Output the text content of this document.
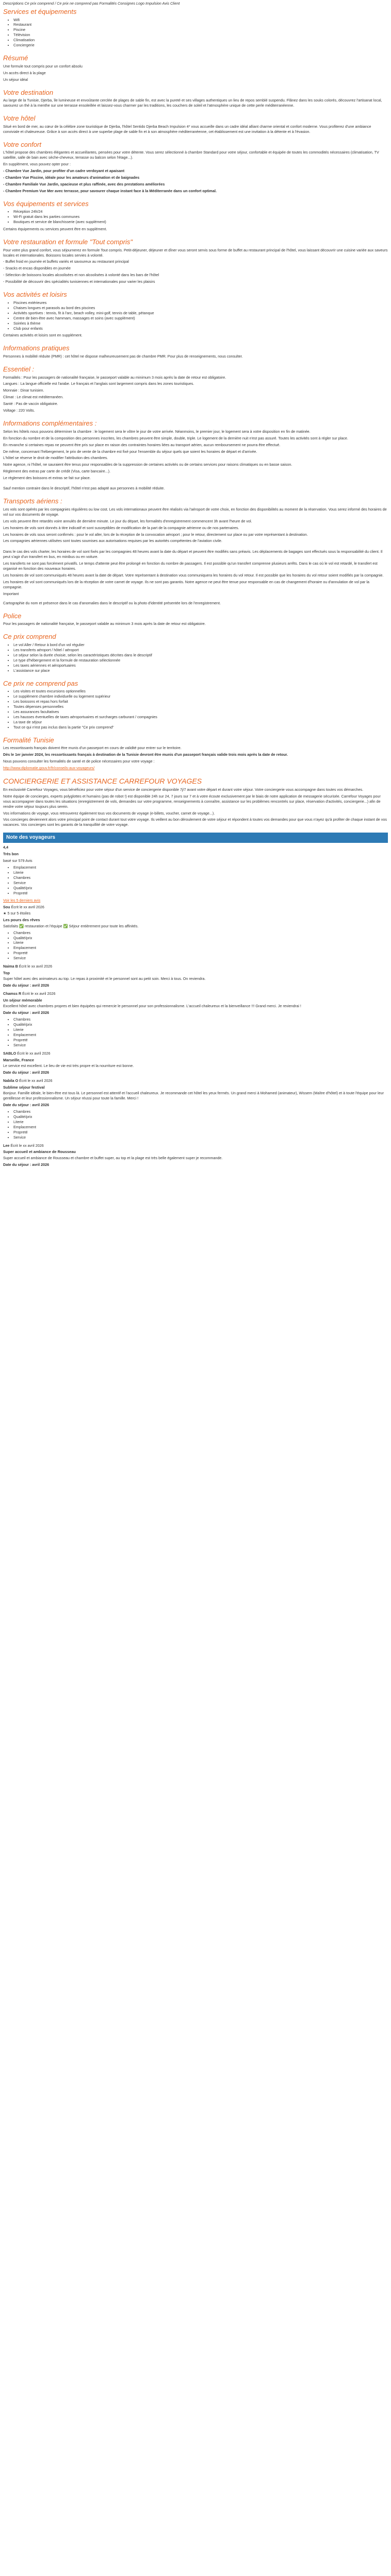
Descriptions Ce prix comprend / Ce prix ne comprend pas Formalités Consignes Logo Impulsion Avis Client

Services et équipements
• Wifi
• Restaurant
• Piscine
• Télévision
• Climatisation
• Conciergerie
Résumé

Une formule tout compris pour un confort absolu

Un accès direct à la plage

Un séjour idéal

Votre destination

Au large de la Tunisie, Djerba, île lumineuse et envoûtante cerclée de plages de sable fin, est avec la pureté et ses villages authentiques un lieu de repos semblé suspendu. Flânez dans les souks colorés, découvrez l'artisanat local, savourez un thé à la menthe sur une terrasse ensoleillée et laissez-vous charmer par les traditions, les couchers de soleil et l'atmosphère unique de cette perle méditerranéenne.

Votre hôtel

Situé en bord de mer, au cœur de la célèbre zone touristique de Djerba, l'hôtel Sentido Djerba Beach Impulsion 4* vous accueille dans un cadre idéal alliant charme oriental et confort moderne. Vous profiterez d'une ambiance conviviale et chaleureuse. Grâce à son accès direct à une superbe plage de sable fin et à son atmosphère méditerranéenne, cet établissement est une invitation à la détente et à l'évasion.

Votre confort

L'hôtel propose des chambres élégantes et accueillantes, pensées pour votre détente. Vous serez sélectionné à chambre Standard pour votre séjour, confortable et équipée de toutes les commodités nécessaires (climatisation, TV satellite, salle de bain avec sèche-cheveux, terrasse ou balcon selon l'étage...).

En supplément, vous pouvez opter pour :

- Chambre Vue Jardin, pour profiter d'un cadre verdoyant et apaisant

- Chambre Vue Piscine, idéale pour les amateurs d'animation et de baignades

- Chambre Familiale Vue Jardin, spacieuse et plus raffinée, avec des prestations améliorées

- Chambre Premium Vue Mer avec terrasse, pour savourer chaque instant face à la Méditerranée dans un confort optimal.

Vos équipements et services
• Réception 24h/24
• Wi-Fi gratuit dans les parties communes
• Boutiques et service de blanchisserie (avec supplément)

Certains équipements ou services peuvent être en supplément.

Votre restauration et formule "Tout compris"

Pour votre plus grand confort, vous séjournerez en formule Tout compris. Petit-déjeuner, déjeuner et dîner vous seront servis sous forme de buffet au restaurant principal de l'hôtel, vous laissant découvrir une cuisine variée aux saveurs locales et internationales. Boissons locales servies à volonté.

- Buffet froid en journée et buffets variés et savoureux au restaurant principal

- Snacks et encas disponibles en journée

- Sélection de boissons locales alcoolisées et non alcoolisées à volonté dans les bars de l'hôtel

- Possibilité de découvrir des spécialités tunisiennes et internationales pour varier les plaisirs

Vos activités et loisirs
• Piscines extérieures
• Chaises longues et parasols au bord des piscines
• Activités sportives : tennis, fit à l'arc, beach volley, mini-golf, tennis de table, pétanque
• Centre de bien-être avec hammam, massages et soins (avec supplément)
• Soirées à thème
• Club pour enfants

Certaines activités et loisirs sont en supplément.

Informations pratiques

Personnes à mobilité réduite (PMR) : cet hôtel ne dispose malheureusement pas de chambre PMR. Pour plus de renseignements, nous consulter.

Essentiel :

Formalités : Pour les passagers de nationalité française, le passeport valable au minimum 3 mois après la date de retour est obligatoire.

Langues : La langue officielle est l'arabe. Le français et l'anglais sont largement compris dans les zones touristiques.

Monnaie : Dinar tunisien.

Climat : Le climat est méditerranéen.

Santé : Pas de vaccin obligatoire.

Voltage : 220 Volts.

Informations complémentaires :

Selon les hôtels nous pouvons déterminer la chambre : le logement sera le vôtre le jour de votre arrivée. Néanmoins, le premier jour, le logement sera à votre disposition en fin de matinée.

En fonction du nombre et de la composition des personnes inscrites, les chambres peuvent être simple, double, triple. Le logement de la dernière nuit n'est pas assuré. Toutes les activités sont à régler sur place.

En revanche si certaines repas ne peuvent être pris sur place en raison des contraintes horaires liées au transport aérien, aucun remboursement ne pourra être effectué.

De même, concernant l'hébergement, le prix de vente de la chambre est fixé pour l'ensemble du séjour quels que soient les horaires de départ et d'arrivée.

L'hôtel se réserve le droit de modifier l'attribution des chambres.

Notre agence, ni l'hôtel, ne sauraient être tenus pour responsables de la suppression de certaines activités ou de certains services pour raisons climatiques ou en basse saison.

Règlement des extras par carte de crédit (Visa, carte bancaire...).

Le règlement des boissons et extras se fait sur place.

Sauf mention contraire dans le descriptif, l'hôtel n'est pas adapté aux personnes à mobilité réduite.

Transports aériens :

Les vols sont opérés par les compagnies régulières ou low cost. Les vols internationaux peuvent être réalisés via l'aéroport de votre choix, en fonction des disponibilités au moment de la réservation. Vous serez informé des horaires de vol sur vos documents de voyage.

Les vols peuvent être retardés voire annulés de dernière minute. Le jour du départ, les formalités d'enregistrement commencent 3h avant l'heure de vol.

Les horaires de vols sont donnés à titre indicatif et sont susceptibles de modification de la part de la compagnie aérienne ou de nos partenaires.

Les horaires de vols sous seront confirmés : pour le vol aller, lors de la réception de la convocation aéroport ; pour le retour, directement sur place ou par votre représentant à destination.

Les compagnies aériennes utilisées sont toutes soumises aux autorisations requises par les autorités compétentes de l'aviation civile.

Dans le cas des vols charter, les horaires de vol sont fixés par les compagnies 48 heures avant la date du départ et peuvent être modifiés sans préavis. Les déplacements de bagages sont effectués sous la responsabilité du client. Il peut s'agir d'un transfert en bus, en minibus ou en voiture.

Les transferts ne sont pas forcément privatifs. Le temps d'attente peut être prolongé en fonction du nombre de passagers. Il est possible qu'un transfert comprenne plusieurs arrêts. Dans le cas où le vol est retardé, le transfert est organisé en fonction des nouveaux horaires.

Les horaires de vol sont communiqués 48 heures avant la date de départ. Votre représentant à destination vous communiquera les horaires du vol retour. Il est possible que les horaires du vol retour soient modifiés par la compagnie.

Les horaires de vol sont communiqués lors de la réception de votre carnet de voyage. Ils ne sont pas garantis. Notre agence ne peut être tenue pour responsable en cas de changement d'horaire ou d'annulation de vol par la compagnie.

Important

Cartographie du nom et présence dans le cas d'anomalies dans le descriptif ou la photo d'identité présentée lors de l'enregistrement.

Police

Pour les passagers de nationalité française, le passeport valable au minimum 3 mois après la date de retour est obligatoire.

Ce prix comprend
• Le vol Aller / Retour à bord d'un vol régulier
• Les transferts aéroport / hôtel / aéroport
• Le séjour selon la durée choisie, selon les caractéristiques décrites dans le descriptif
• Le type d'hébergement et la formule de restauration sélectionnée
• Les taxes aériennes et aéroportuaires
• L'assistance sur place
Ce prix ne comprend pas
• Les visites et toutes excursions optionnelles
• Le supplément chambre individuelle ou logement supérieur
• Les boissons et repas hors forfait
• Toutes dépenses personnelles
• Les assurances facultatives
• Les hausses éventuelles de taxes aéroportuaires et surcharges carburant / compagnies
• La taxe de séjour
• Tout ce qui n'est pas inclus dans la partie "Ce prix comprend"
Formalité Tunisie

Les ressortissants français doivent être munis d'un passeport en cours de validité pour entrer sur le territoire.

Dès le 1er janvier 2024, les ressortissants français à destination de la Tunisie devront être munis d'un passeport français valide trois mois après la date de retour.

Nous pouvons consulter les formalités de santé et de police nécessaires pour votre voyage :

http://www.diplomatie.gouv.fr/fr/conseils-aux-voyageurs/

CONCIERGERIE ET ASSISTANCE CARREFOUR VOYAGES

En exclusivité Carrefour Voyages, vous bénéficiez pour votre séjour d'un service de conciergerie disponible 7j/7 avant votre départ et durant votre séjour. Votre conciergerie vous accompagne dans toutes vos démarches.

Notre équipe de concierges, experts polyglottes et humains (pas de robot !) est disponible 24h sur 24, 7 jours sur 7 et à votre écoute exclusivement par le biais de notre application de messagerie sécurisée. Carrefour Voyages pour vous accompagner dans toutes les situations (enregistrement de vols, demandes sur votre programme, renseignements à connaître, assistance sur les problèmes rencontrés sur place, réservation d'activités, conciergerie...) afin de rendre votre séjour toujours plus serein.

Vos informations de voyage, vous retrouverez également tous vos documents de voyage (e-billets, voucher, carnet de voyage...).

Vos concierges deviennent alors votre principal point de contact durant tout votre voyage. Ils veillent au bon déroulement de votre séjour et répondent à toutes vos demandes pour que vous n'ayez qu'à profiter de chaque instant de vos vacances. Vos concierges sont les garants de la tranquillité de votre voyage.

Note des voyageurs

4,4

Très bon

basé sur 579 Avis

• Emplacement
• Literie
• Chambres
• Service
• Qualité/prix
• Propreté

Voir les 5 derniers avis

Sou Écrit le xx avril 2026

★ 5 sur 5 étoiles

Les pours des rêves

Satisfaits ✅ restauration et l'équipe ✅ Séjour entièrement pour toute les affinités.

• Chambres
• Qualité/prix
• Literie
• Emplacement
• Propreté
• Service

Naima B Écrit le xx avril 2026

Top

Super hôtel avec des animateurs au top. Le repas à proximité et le personnel sont au petit soin. Merci à tous. On reviendra.

Date du séjour : avril 2026

Chamss R Écrit le xx avril 2026

Un séjour mémorable

Excellent hôtel avec chambres propres et bien équipées qui remercie le personnel pour son professionnalisme. L'accueil chaleureux et la bienveillance !!! Grand merci. Je reviendrai !

Date du séjour : avril 2026

• Chambres
• Qualité/prix
• Literie
• Emplacement
• Propreté
• Service

SABLO Écrit le xx avril 2026

Marseille, France

Le service est excellent. Le lieu de vie est très propre et la nourriture est bonne.

Date du séjour : avril 2026

Nabila O Écrit le xx avril 2026

Sublime séjour festival

Bonjour. Famille idéale, le bien-être est tous là. Le personnel est attentif et l'accueil chaleureux. Je recommande cet hôtel les yeux fermés. Un grand merci à Mohamed (animateur), Wissem (Maître d'hôtel) et à toute l'équipe pour leur gentillesse et leur professionnalisme. Un séjour réussi pour toute la famille. Merci !

Date du séjour : avril 2026

• Chambres
• Qualité/prix
• Literie
• Emplacement
• Propreté
• Service

Lee Écrit le xx avril 2026

Super accueil et ambiance de Rousseau

Super accueil et ambiance de Rousseau et chambre et buffet super, au top et la plage est très belle également super je recommande.

Date du séjour : avril 2026
